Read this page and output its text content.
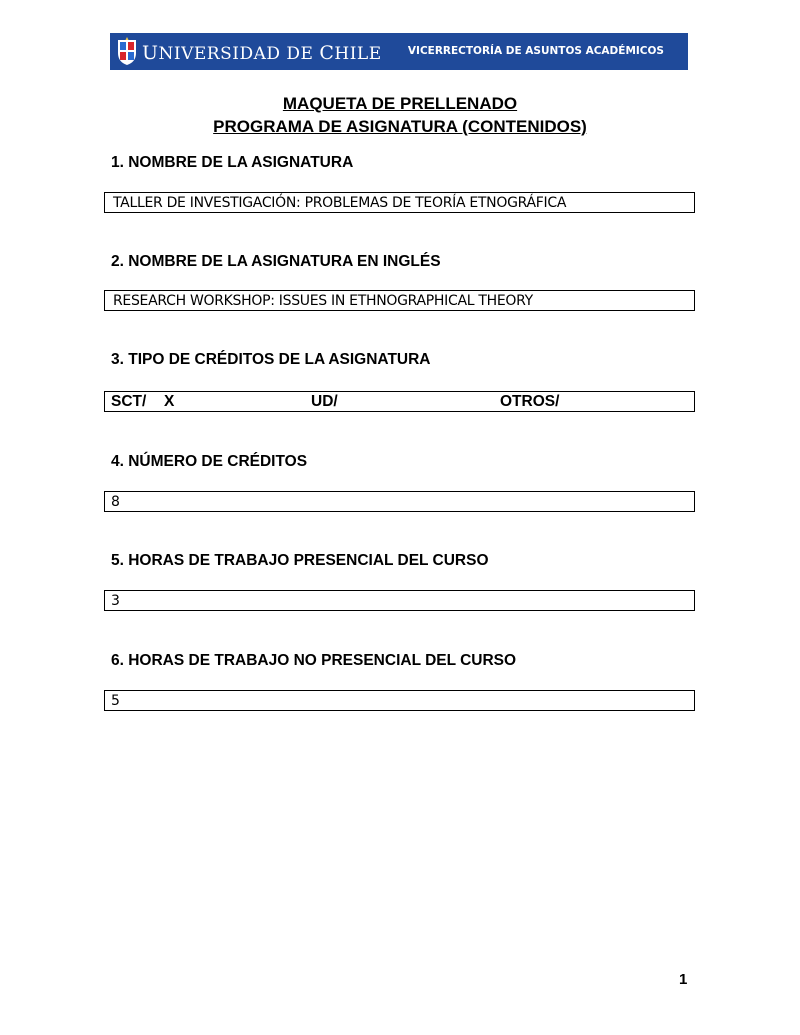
UNIVERSIDAD DE CHILE	VICERRECTORÍA DE ASUNTOS ACADÉMICOS
MAQUETA DE PRELLENADO
PROGRAMA DE ASIGNATURA (CONTENIDOS)
1. NOMBRE DE LA ASIGNATURA
TALLER DE INVESTIGACIÓN: PROBLEMAS DE TEORÍA ETNOGRÁFICA
2. NOMBRE DE LA ASIGNATURA EN INGLÉS
RESEARCH WORKSHOP: ISSUES IN ETHNOGRAPHICAL THEORY
3. TIPO DE CRÉDITOS DE LA ASIGNATURA
SCT/ X	UD/	OTROS/
4. NÚMERO DE CRÉDITOS
8
5. HORAS DE TRABAJO PRESENCIAL DEL CURSO
3
6. HORAS DE TRABAJO NO PRESENCIAL DEL CURSO
5
1
